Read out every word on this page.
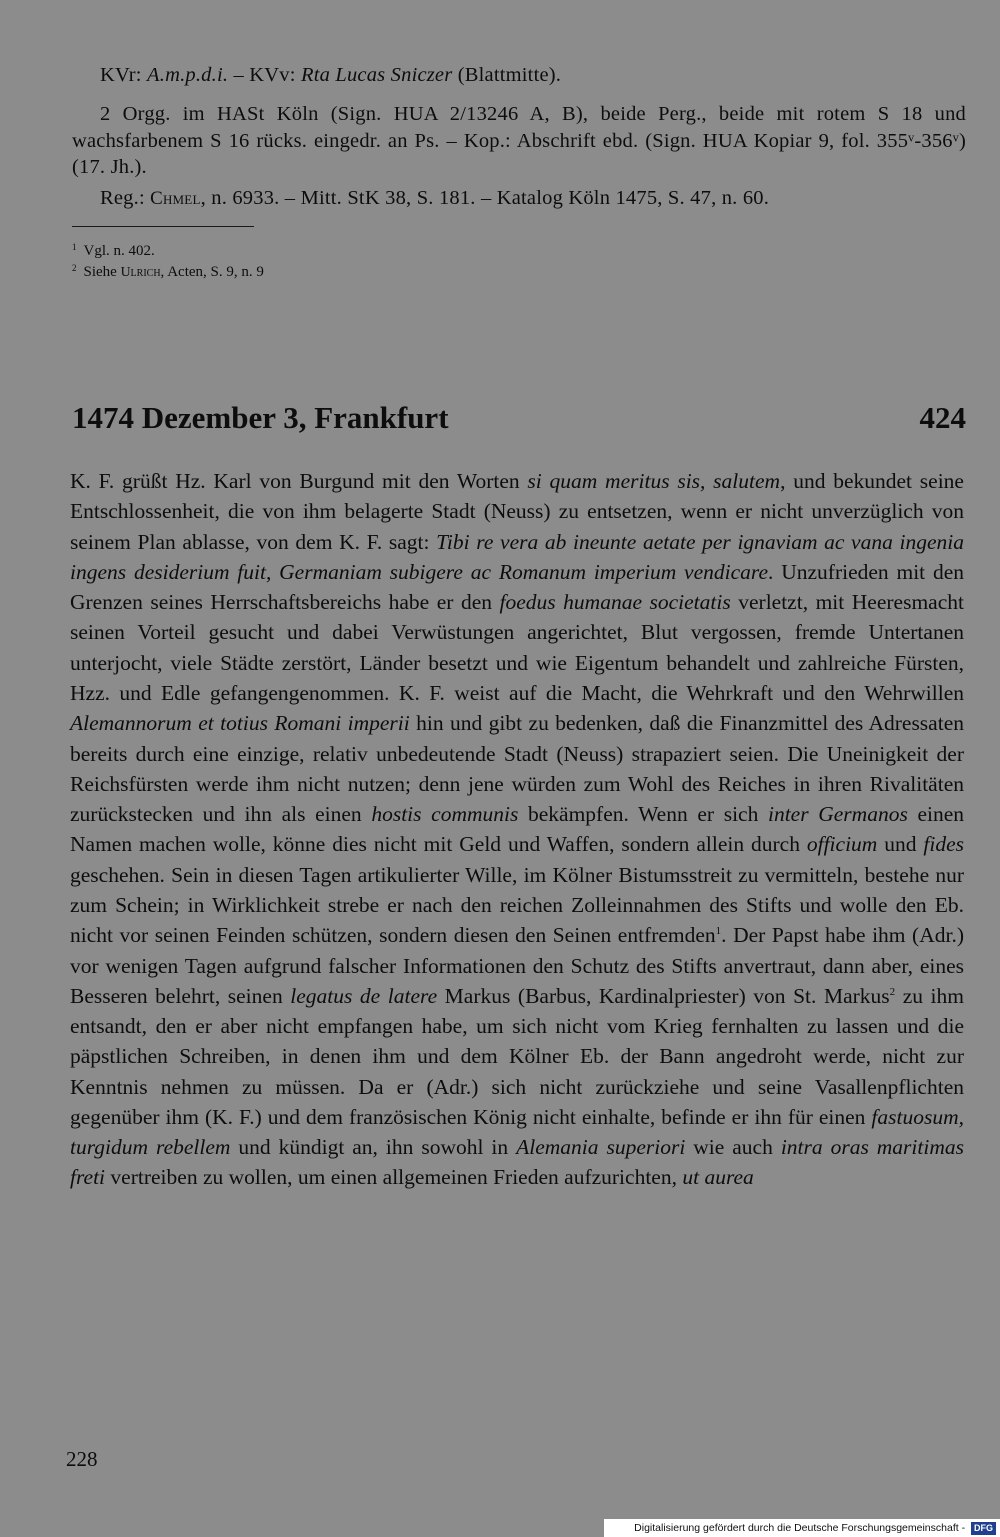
KVr: A.m.p.d.i. – KVv: Rta Lucas Sniczer (Blattmitte).

2 Orgg. im HASt Köln (Sign. HUA 2/13246 A, B), beide Perg., beide mit rotem S 18 und wachsfarbenem S 16 rücks. eingedr. an Ps. – Kop.: Abschrift ebd. (Sign. HUA Kopiar 9, fol. 355ᵛ-356ᵛ) (17. Jh.).

Reg.: Chmel, n. 6933. – Mitt. StK 38, S. 181. – Katalog Köln 1475, S. 47, n. 60.

$^1$ Vgl. n. 402.

$^2$ Siehe Ulrich, Acten, S. 9, n. 9

1474 Dezember 3, Frankfurt	424

K. F. grüßt Hz. Karl von Burgund mit den Worten si quam meritus sis, salutem, und bekundet seine Entschlossenheit, die von ihm belagerte Stadt (Neuss) zu entsetzen, wenn er nicht unverzüglich von seinem Plan ablasse, von dem K. F. sagt: Tibi re vera ab ineunte aetate per ignaviam ac vana ingenia ingens desiderium fuit, Germaniam subigere ac Romanum imperium vendicare. Unzufrieden mit den Grenzen seines Herrschaftsbereichs habe er den foedus humanae societatis verletzt, mit Heeresmacht seinen Vorteil gesucht und dabei Verwüstungen angerichtet, Blut vergossen, fremde Untertanen unterjocht, viele Städte zerstört, Länder besetzt und wie Eigentum behandelt und zahlreiche Fürsten, Hzz. und Edle gefangengenommen. K. F. weist auf die Macht, die Wehrkraft und den Wehrwillen Alemannorum et totius Romani imperii hin und gibt zu bedenken, daß die Finanzmittel des Adressaten bereits durch eine einzige, relativ unbedeutende Stadt (Neuss) strapaziert seien. Die Uneinigkeit der Reichsfürsten werde ihm nicht nutzen; denn jene würden zum Wohl des Reiches in ihren Rivalitäten zurückstecken und ihn als einen hostis communis bekämpfen. Wenn er sich inter Germanos einen Namen machen wolle, könne dies nicht mit Geld und Waffen, sondern allein durch officium und fides geschehen. Sein in diesen Tagen artikulierter Wille, im Kölner Bistumsstreit zu vermitteln, bestehe nur zum Schein; in Wirklichkeit strebe er nach den reichen Zolleinnahmen des Stifts und wolle den Eb. nicht vor seinen Feinden schützen, sondern diesen den Seinen entfremden$^1$. Der Papst habe ihm (Adr.) vor wenigen Tagen aufgrund falscher Informationen den Schutz des Stifts anvertraut, dann aber, eines Besseren belehrt, seinen legatus de latere Markus (Barbus, Kardinalpriester) von St. Markus$^2$ zu ihm entsandt, den er aber nicht empfangen habe, um sich nicht vom Krieg fernhalten zu lassen und die päpstlichen Schreiben, in denen ihm und dem Kölner Eb. der Bann angedroht werde, nicht zur Kenntnis nehmen zu müssen. Da er (Adr.) sich nicht zurückziehe und seine Vasallenpflichten gegenüber ihm (K. F.) und dem französischen König nicht einhalte, befinde er ihn für einen fastuosum, turgidum rebellem und kündigt an, ihn sowohl in Alemania superiori wie auch intra oras maritimas freti vertreiben zu wollen, um einen allgemeinen Frieden aufzurichten, ut aurea

228
Digitalisierung gefördert durch die Deutsche Forschungsgemeinschaft - DFG
